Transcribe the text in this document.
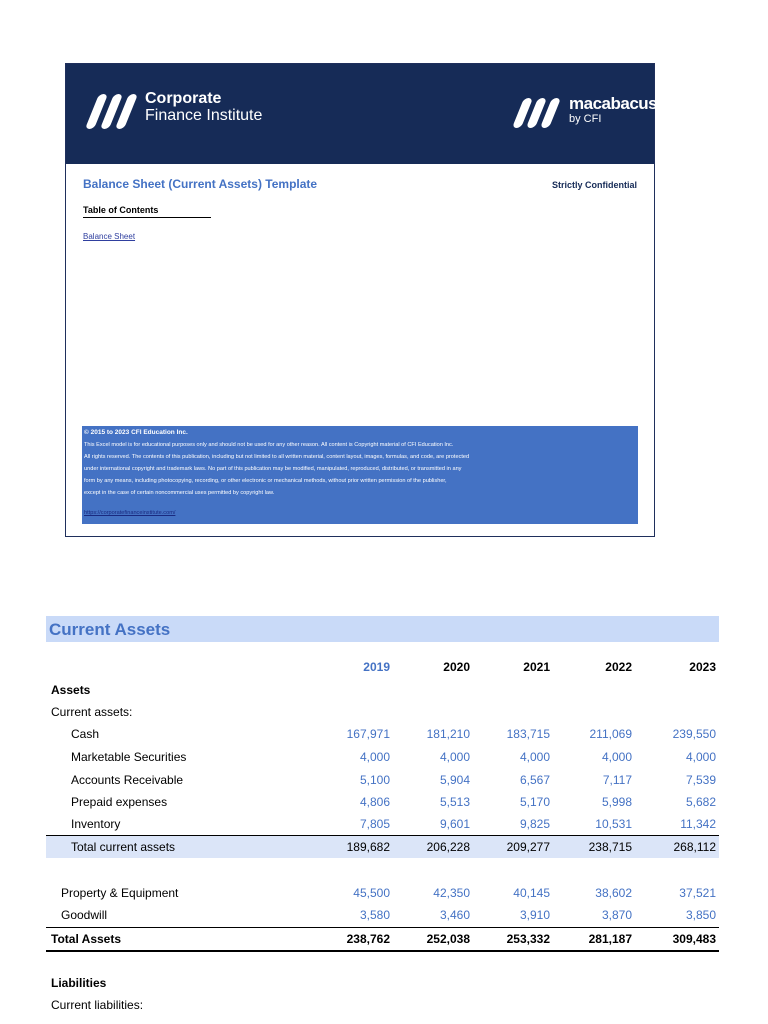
Corporate
Finance Institute
macabacus
by CFI
Balance Sheet (Current Assets) Template	Strictly Confidential
Table of Contents
Balance Sheet
© 2015 to 2023 CFI Education Inc.
This Excel model is for educational purposes only and should not be used for any other reason. All content is Copyright material of CFI Education Inc.
All rights reserved. The contents of this publication, including but not limited to all written material, content layout, images, formulas, and code, are protected
under international copyright and trademark laws. No part of this publication may be modified, manipulated, reproduced, distributed, or transmitted in any
form by any means, including photocopying, recording, or other electronic or mechanical methods, without prior written permission of the publisher,
except in the case of certain noncommercial uses permitted by copyright law.
https://corporatefinanceinstitute.com/
Current Assets
2019	2020	2021	2022	2023
Assets
Current assets:
Cash	167,971	181,210	183,715	211,069	239,550
Marketable Securities	4,000	4,000	4,000	4,000	4,000
Accounts Receivable	5,100	5,904	6,567	7,117	7,539
Prepaid expenses	4,806	5,513	5,170	5,998	5,682
Inventory	7,805	9,601	9,825	10,531	11,342
Total current assets	189,682	206,228	209,277	238,715	268,112
Property & Equipment	45,500	42,350	40,145	38,602	37,521
Goodwill	3,580	3,460	3,910	3,870	3,850
Total Assets	238,762	252,038	253,332	281,187	309,483
Liabilities
Current liabilities:
